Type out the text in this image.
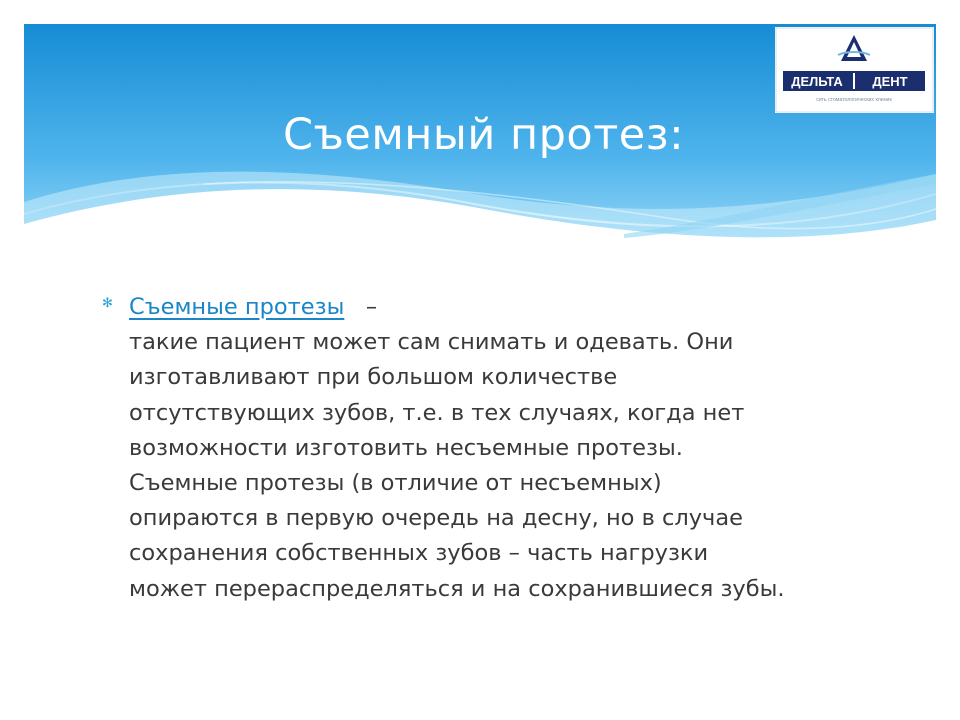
Съемный протез:
ДЕЛЬТА ДЕНТ
сеть стоматологических клиник
✻ Съемные протезы –
такие пациент может сам снимать и одевать. Они
изготавливают при большом количестве
отсутствующих зубов, т.е. в тех случаях, когда нет
возможности изготовить несъемные протезы.
Съемные протезы (в отличие от несъемных)
опираются в первую очередь на десну, но в случае
сохранения собственных зубов – часть нагрузки
может перераспределяться и на сохранившиеся зубы.
